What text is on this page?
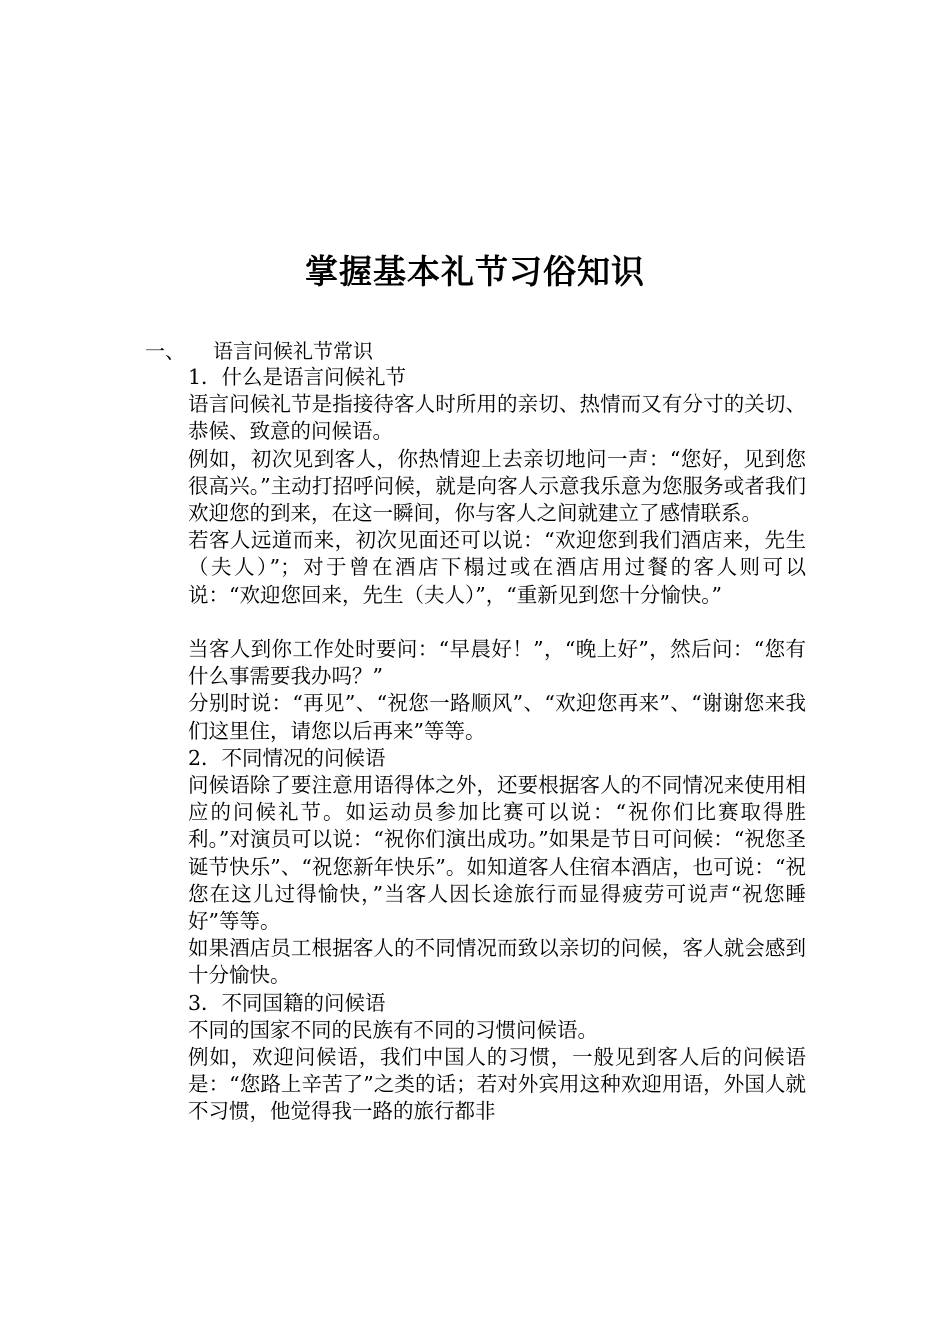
掌握基本礼节习俗知识
一、 语言问候礼节常识

1．什么是语言问候礼节

语言问候礼节是指接待客人时所用的亲切、热情而又有分寸的关切、恭候、致意的问候语。

例如，初次见到客人，你热情迎上去亲切地问一声：“您好，见到您很高兴。”主动打招呼问候，就是向客人示意我乐意为您服务或者我们欢迎您的到来，在这一瞬间，你与客人之间就建立了感情联系。

若客人远道而来，初次见面还可以说：“欢迎您到我们酒店来，先生（夫人）”；对于曾在酒店下榻过或在酒店用过餐的客人则可以说：“欢迎您回来，先生（夫人）”，“重新见到您十分愉快。”

当客人到你工作处时要问：“早晨好！”，“晚上好”，然后问：“您有什么事需要我办吗？”

分别时说：“再见”、“祝您一路顺风”、“欢迎您再来”、“谢谢您来我们这里住，请您以后再来”等等。

2．不同情况的问候语

问候语除了要注意用语得体之外，还要根据客人的不同情况来使用相应的问候礼节。如运动员参加比赛可以说：“祝你们比赛取得胜利。”对演员可以说：“祝你们演出成功。”如果是节日可问候：“祝您圣诞节快乐”、“祝您新年快乐”。如知道客人住宿本酒店，也可说：“祝您在这儿过得愉快，”当客人因长途旅行而显得疲劳可说声“祝您睡好”等等。

如果酒店员工根据客人的不同情况而致以亲切的问候，客人就会感到十分愉快。

3．不同国籍的问候语

不同的国家不同的民族有不同的习惯问候语。

例如，欢迎问候语，我们中国人的习惯，一般见到客人后的问候语是：“您路上辛苦了”之类的话；若对外宾用这种欢迎用语，外国人就不习惯，他觉得我一路的旅行都非
